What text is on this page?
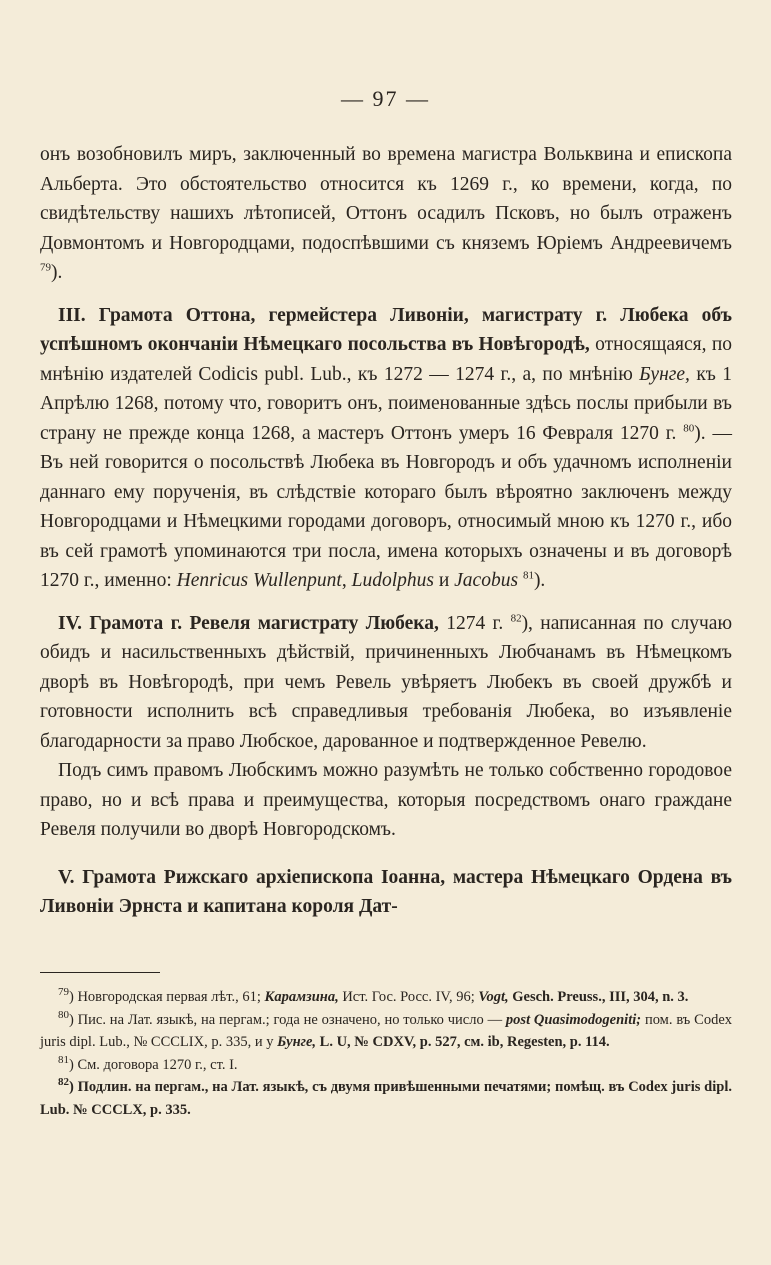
— 97 —

онъ возобновилъ миръ, заключенный во времена магистра Вольквина и епископа Альберта. Это обстоятельство относится къ 1269 г., ко времени, когда, по свидѣтельству нашихъ лѣтописей, Оттонъ осадилъ Псковъ, но былъ отраженъ Довмонтомъ и Новгородцами, подоспѣвшими съ княземъ Юріемъ Андреевичемъ $^{79}$).

III. Грамота Оттона, гермейстера Ливоніи, магистрату г. Любека объ успѣшномъ окончаніи Нѣмецкаго посольства въ Новѣгородѣ, относящаяся, по мнѣнію издателей Codicis publ. Lub., къ 1272 — 1274 г., а, по мнѣнію Бунге, къ 1 Апрѣлю 1268, потому что, говоритъ онъ, поименованные здѣсь послы прибыли въ страну не прежде конца 1268, а мастеръ Оттонъ умеръ 16 Февраля 1270 г. $^{80}$). — Въ ней говорится о посольствѣ Любека въ Новгородъ и объ удачномъ исполненіи даннаго ему порученія, въ слѣдствіе котораго былъ вѣроятно заключенъ между Новгородцами и Нѣмецкими городами договоръ, относимый мною къ 1270 г., ибо въ сей грамотѣ упоминаются три посла, имена которыхъ означены и въ договорѣ 1270 г., именно: Henricus Wullenpunt, Ludolphus и Jacobus $^{81}$).

IV. Грамота г. Ревеля магистрату Любека, 1274 г. $^{82}$), написанная по случаю обидъ и насильственныхъ дѣйствій, причиненныхъ Любчанамъ въ Нѣмецкомъ дворѣ въ Новѣгородѣ, при чемъ Ревель увѣряетъ Любекъ въ своей дружбѣ и готовности исполнить всѣ справедливыя требованія Любека, во изъявленіе благодарности за право Любское, дарованное и подтвержденное Ревелю.

Подъ симъ правомъ Любскимъ можно разумѣть не только собственно городовое право, но и всѣ права и преимущества, которыя посредствомъ онаго граждане Ревеля получили во дворѣ Новгородскомъ.

V. Грамота Рижскаго архіепископа Іоанна, мастера Нѣмецкаго Ордена въ Ливоніи Эрнста и капитана короля Дат-

$^{79}$) Новгородская первая лѣт., 61; Карамзина, Ист. Гос. Росс. IV, 96; Vogt, Gesch. Preuss., III, 304, n. 3.

$^{80}$) Пис. на Лат. языкѣ, на пергам.; года не означено, но только число — post Quasimodogeniti; пом. въ Codex juris dipl. Lub., № CCCLIX, p. 335, и у Бунге, L. U, № CDXV, p. 527, см. ib, Regesten, p. 114.

$^{81}$) См. договора 1270 г., ст. I.

$^{82}$) Подлин. на пергам., на Лат. языкѣ, съ двумя привѣшенными печатями; помѣщ. въ Codex juris dipl. Lub. № CCCLX, p. 335.
